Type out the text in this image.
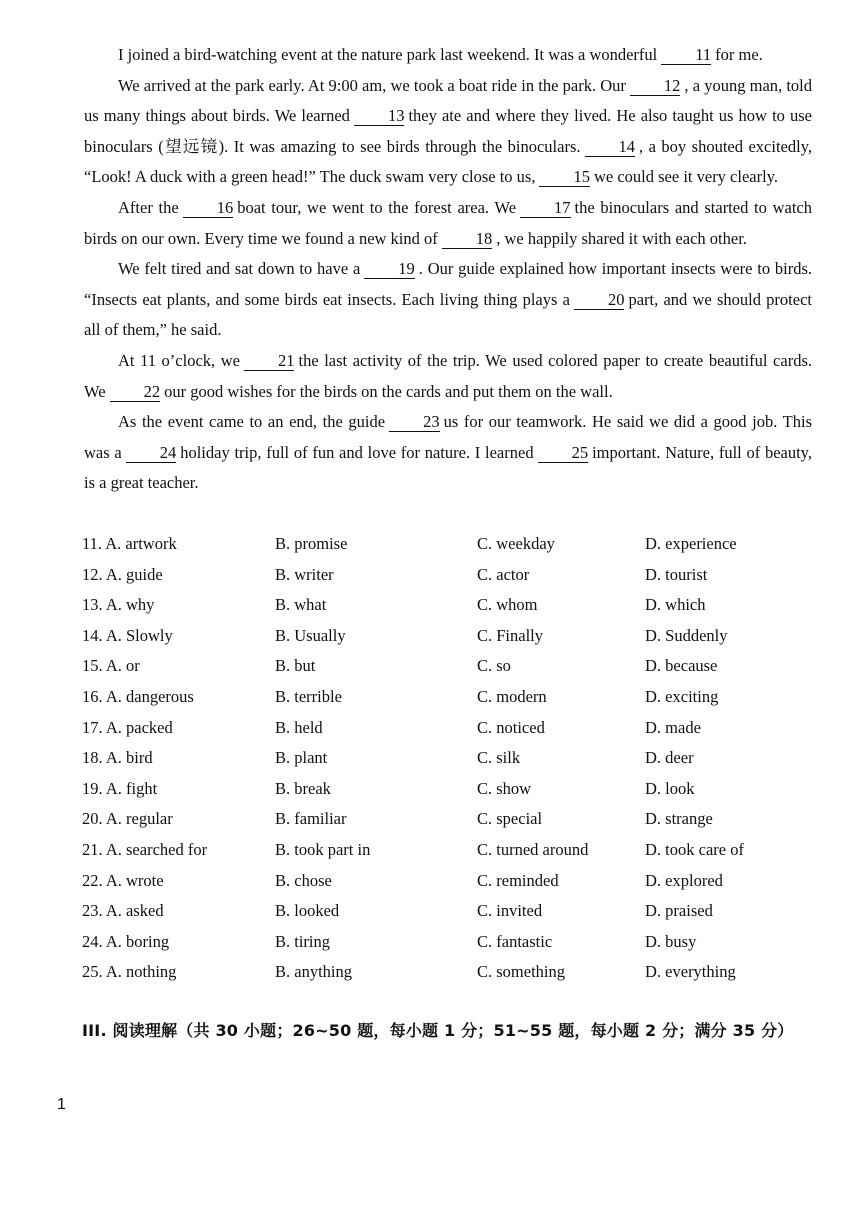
I joined a bird-watching event at the nature park last weekend. It was a wonderful 11 for me.

We arrived at the park early. At 9:00 am, we took a boat ride in the park. Our 12 , a young man, told us many things about birds. We learned 13 they ate and where they lived. He also taught us how to use binoculars (望远镜). It was amazing to see birds through the binoculars. 14 , a boy shouted excitedly, “Look! A duck with a green head!” The duck swam very close to us, 15 we could see it very clearly.

After the 16 boat tour, we went to the forest area. We 17 the binoculars and started to watch birds on our own. Every time we found a new kind of 18 , we happily shared it with each other.

We felt tired and sat down to have a 19 . Our guide explained how important insects were to birds. “Insects eat plants, and some birds eat insects. Each living thing plays a 20 part, and we should protect all of them,” he said.

At 11 o’clock, we 21 the last activity of the trip. We used colored paper to create beautiful cards. We 22 our good wishes for the birds on the cards and put them on the wall.

As the event came to an end, the guide 23 us for our teamwork. He said we did a good job. This was a 24 holiday trip, full of fun and love for nature. I learned 25 important. Nature, full of beauty, is a great teacher.

11. A. artwork	B. promise	C. weekday	D. experience
12. A. guide	B. writer	C. actor	D. tourist
13. A. why	B. what	C. whom	D. which
14. A. Slowly	B. Usually	C. Finally	D. Suddenly
15. A. or	B. but	C. so	D. because
16. A. dangerous	B. terrible	C. modern	D. exciting
17. A. packed	B. held	C. noticed	D. made
18. A. bird	B. plant	C. silk	D. deer
19. A. fight	B. break	C. show	D. look
20. A. regular	B. familiar	C. special	D. strange
21. A. searched for	B. took part in	C. turned around	D. took care of
22. A. wrote	B. chose	C. reminded	D. explored
23. A. asked	B. looked	C. invited	D. praised
24. A. boring	B. tiring	C. fantastic	D. busy
25. A. nothing	B. anything	C. something	D. everything
III. 阅读理解（共 30 小题；26~50 题，每小题 1 分；51~55 题，每小题 2 分；满分 35 分）
1
